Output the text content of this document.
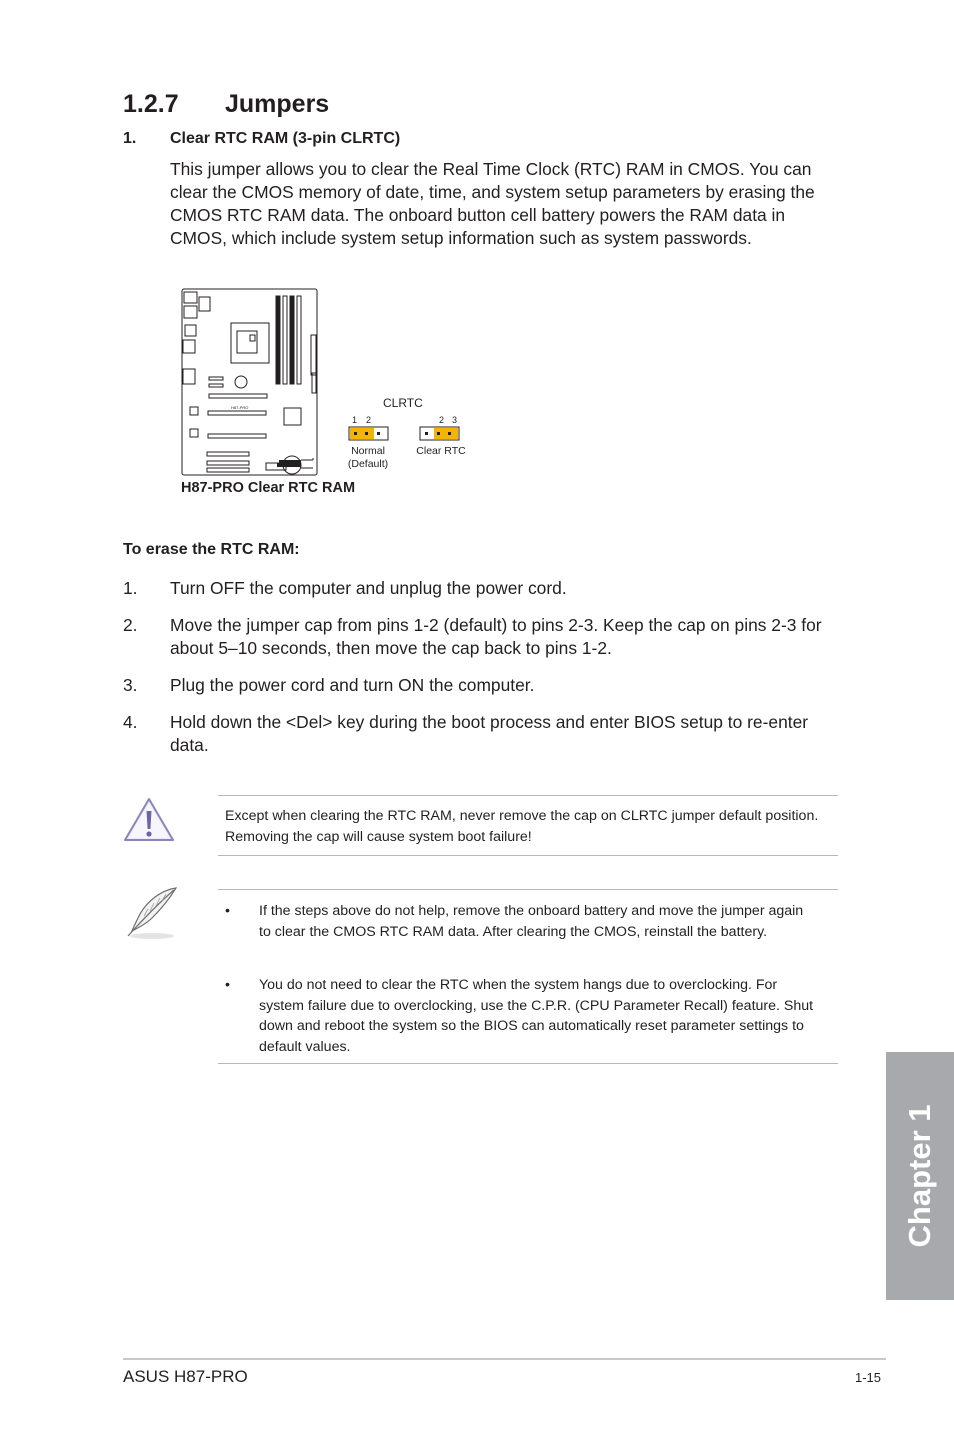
1.2.7 Jumpers
1. Clear RTC RAM (3-pin CLRTC)
This jumper allows you to clear the Real Time Clock (RTC) RAM in CMOS. You can clear the CMOS memory of date, time, and system setup parameters by erasing the CMOS RTC RAM data. The onboard button cell battery powers the RAM data in CMOS, which include system setup information such as system passwords.
H87-PRO	CLRTC
1 2	2 3
Normal
(Default)
Clear RTC
H87-PRO Clear RTC RAM
To erase the RTC RAM:
1.	Turn OFF the computer and unplug the power cord.
2.	Move the jumper cap from pins 1-2 (default) to pins 2-3. Keep the cap on pins 2-3 for about 5–10 seconds, then move the cap back to pins 1-2.
3.	Plug the power cord and turn ON the computer.
4.	Hold down the <Del> key during the boot process and enter BIOS setup to re-enter data.
Except when clearing the RTC RAM, never remove the cap on CLRTC jumper default position. Removing the cap will cause system boot failure!
•	If the steps above do not help, remove the onboard battery and move the jumper again to clear the CMOS RTC RAM data. After clearing the CMOS, reinstall the battery.
•	You do not need to clear the RTC when the system hangs due to overclocking. For system failure due to overclocking, use the C.P.R. (CPU Parameter Recall) feature. Shut down and reboot the system so the BIOS can automatically reset parameter settings to default values.
Chapter 1
ASUS H87-PRO	1-15
